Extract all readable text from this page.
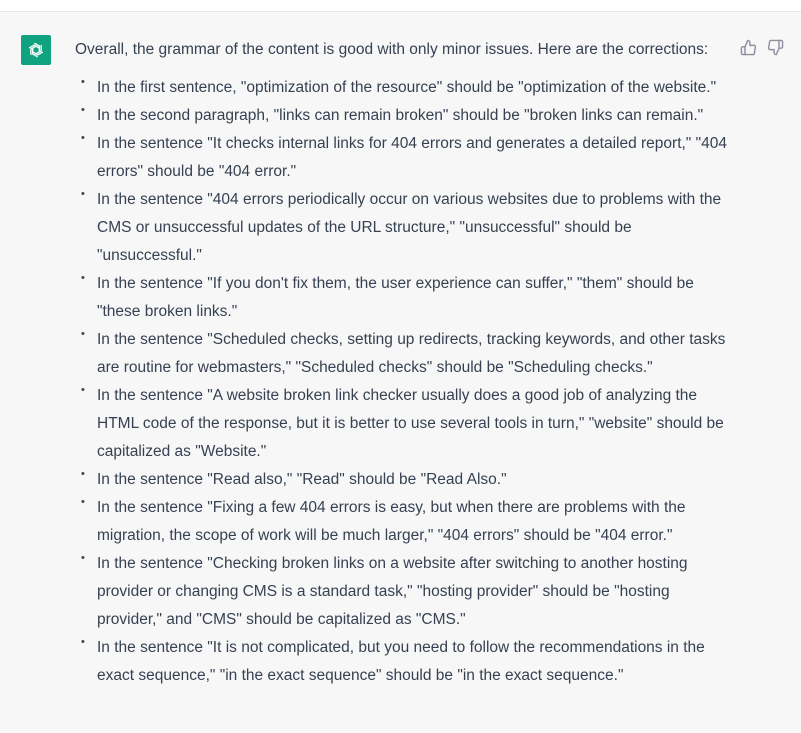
Overall, the grammar of the content is good with only minor issues. Here are the corrections:

• In the first sentence, "optimization of the resource" should be "optimization of the website."
• In the second paragraph, "links can remain broken" should be "broken links can remain."
• In the sentence "It checks internal links for 404 errors and generates a detailed report," "404 errors" should be "404 error."
• In the sentence "404 errors periodically occur on various websites due to problems with the CMS or unsuccessful updates of the URL structure," "unsuccessful" should be "unsuccessful."
• In the sentence "If you don't fix them, the user experience can suffer," "them" should be "these broken links."
• In the sentence "Scheduled checks, setting up redirects, tracking keywords, and other tasks are routine for webmasters," "Scheduled checks" should be "Scheduling checks."
• In the sentence "A website broken link checker usually does a good job of analyzing the HTML code of the response, but it is better to use several tools in turn," "website" should be capitalized as "Website."
• In the sentence "Read also," "Read" should be "Read Also."
• In the sentence "Fixing a few 404 errors is easy, but when there are problems with the migration, the scope of work will be much larger," "404 errors" should be "404 error."
• In the sentence "Checking broken links on a website after switching to another hosting provider or changing CMS is a standard task," "hosting provider" should be "hosting provider," and "CMS" should be capitalized as "CMS."
• In the sentence "It is not complicated, but you need to follow the recommendations in the exact sequence," "in the exact sequence" should be "in the exact sequence."
